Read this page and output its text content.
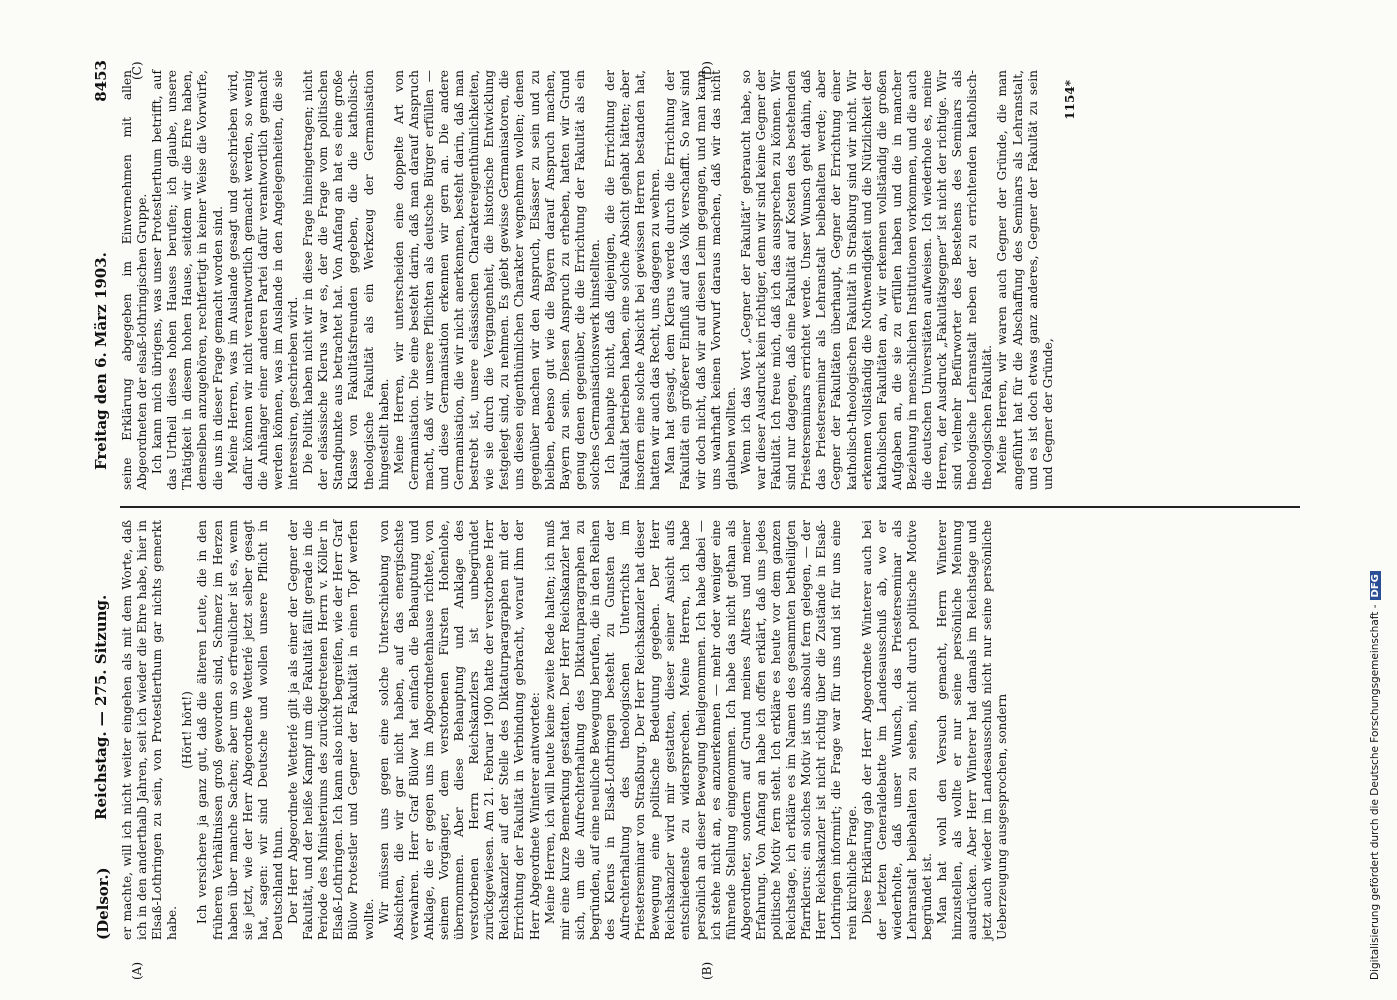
(Delsor.)
Reichstag. — 275. Sitzung.
Freitag den 6. März 1903.
8453

er machte, will ich nicht weiter eingehen als mit dem Worte, daß ich in den anderthalb Jahren, seit ich wieder die Ehre habe, hier in Elsaß-Lothringen zu sein, von Protestlerthum gar nichts gemerkt habe.

(Hört! hört!) Ich versichere ja ganz gut, daß die älteren Leute, die in den früheren Verhältnissen groß geworden sind, Schmerz im Herzen haben über manche Sachen; aber um so erfreulicher ist es, wenn sie jetzt, wie der Herr Abgeordnete Wetterlé jetzt selber gesagt hat, sagen: wir sind Deutsche und wollen unsere Pflicht in Deutschland thun. Der Herr Abgeordnete Wetterlé gilt ja als einer der Gegner der Fakultät, und der heiße Kampf um die Fakultät fällt gerade in die Periode des Ministeriums des zurückgetretenen Herrn v. Köller in Elsaß-Lothringen. Ich kann also nicht begreifen, wie der Herr Graf Bülow Protestler und Gegner der Fakultät in einen Topf werfen wollte. Wir müssen uns gegen eine solche Unterschiebung von Absichten, die wir gar nicht haben, auf das energischste verwahren. Herr Graf Bülow hat einfach die Behauptung und Anklage, die er gegen uns im Abgeordnetenhause richtete, von seinem Vorgänger, dem verstorbenen Fürsten Hohenlohe, übernommen. Aber diese Behauptung und Anklage des verstorbenen Herrn Reichskanzlers ist unbegründet zurückgewiesen. Am 21. Februar 1900 hatte der verstorbene Herr Reichskanzler auf der Stelle des Diktaturparagraphen mit der Errichtung der Fakultät in Verbindung gebracht, worauf ihm der Herr Abgeordnete Winterer antwortete: Meine Herren, ich will heute keine zweite Rede halten; ich muß mir eine kurze Bemerkung gestatten. Der Herr Reichskanzler hat sich, um die Aufrechterhaltung des Diktaturparagraphen zu begründen, auf eine neuliche Bewegung berufen, die in den Reihen des Klerus in Elsaß-Lothringen besteht zu Gunsten der Aufrechterhaltung des theologischen Unterrichts im Priesterseminar von Straßburg. Der Herr Reichskanzler hat dieser Bewegung eine politische Bedeutung gegeben. Der Herr Reichskanzler wird mir gestatten, dieser seiner Ansicht aufs entschiedenste zu widersprechen. Meine Herren, ich habe persönlich an dieser Bewegung theilgenommen. Ich habe dabei — ich stehe nicht an, es anzuerkennen — mehr oder weniger eine führende Stellung eingenommen. Ich habe das nicht gethan als Abgeordneter, sondern auf Grund meines Alters und meiner Erfahrung. Von Anfang an habe ich offen erklärt, daß uns jedes politische Motiv fern steht. Ich erkläre es heute vor dem ganzen Reichstage, ich erkläre es im Namen des gesammten betheiligten Pfarrklerus: ein solches Motiv ist uns absolut fern gelegen, — der Herr Reichskanzler ist nicht richtig über die Zustände in Elsaß-Lothringen informirt; die Frage war für uns und ist für uns eine rein kirchliche Frage. Diese Erklärung gab der Herr Abgeordnete Winterer auch bei der letzten Generaldebatte im Landesausschuß ab, wo er wiederholte, daß unser Wunsch, das Priesterseminar als Lehranstalt beibehalten zu sehen, nicht durch politische Motive begründet ist. Man hat wohl den Versuch gemacht, Herrn Winterer hinzustellen, als wollte er nur seine persönliche Meinung ausdrücken. Aber Herr Winterer hat damals im Reichstage und jetzt auch wieder im Landesausschuß nicht nur seine persönliche Ueberzeugung ausgesprochen, sondern

seine Erklärung abgegeben im Einvernehmen mit allen Abgeordneten der elsaß-lothringischen Gruppe. Ich kann mich übrigens, was unser Protestlerthum betrifft, auf das Urtheil dieses hohen Hauses berufen; ich glaube, unsere Thätigkeit in diesem hohen Hause, seitdem wir die Ehre haben, demselben anzugehören, rechtfertigt in keiner Weise die Vorwürfe, die uns in dieser Frage gemacht worden sind. Meine Herren, was im Auslande gesagt und geschrieben wird, dafür können wir nicht verantwortlich gemacht werden, so wenig die Anhänger einer anderen Partei dafür verantwortlich gemacht werden können, was im Auslande in den Angelegenheiten, die sie interessiren, geschrieben wird. Die Politik haben nicht wir in diese Frage hineingetragen; nicht der elsässische Klerus war es, der die Frage vom politischen Standpunkte aus betrachtet hat. Von Anfang an hat es eine große Klasse von Fakultätsfreunden gegeben, die die katholisch-theologische Fakultät als ein Werkzeug der Germanisation hingestellt haben. Meine Herren, wir unterscheiden eine doppelte Art von Germanisation. Die eine besteht darin, daß man darauf Anspruch macht, daß wir unsere Pflichten als deutsche Bürger erfüllen — und diese Germanisation erkennen wir gern an. Die andere Germanisation, die wir nicht anerkennen, besteht darin, daß man bestrebt ist, unsere elsässischen Charaktereigenthümlichkeiten, wie sie durch die Vergangenheit, die historische Entwicklung festgelegt sind, zu nehmen. Es giebt gewisse Germanisatoren, die uns diesen eigenthümlichen Charakter wegnehmen wollen; denen gegenüber machen wir den Anspruch, Elsässer zu sein und zu bleiben, ebenso gut wie die Bayern darauf Anspruch machen, Bayern zu sein. Diesen Anspruch zu erheben, hatten wir Grund genug denen gegenüber, die die Errichtung der Fakultät als ein solches Germanisationswerk hinstellten. Ich behaupte nicht, daß diejenigen, die die Errichtung der Fakultät betrieben haben, eine solche Absicht gehabt hätten; aber insofern eine solche Absicht bei gewissen Herren bestanden hat, hatten wir auch das Recht, uns dagegen zu wehren. Man hat gesagt, dem Klerus werde durch die Errichtung der Fakultät ein größerer Einfluß auf das Volk verschafft. So naiv sind wir doch nicht, daß wir auf diesen Leim gegangen, und man kann uns wahrhaft keinen Vorwurf daraus machen, daß wir das nicht glauben wollten. Wenn ich das Wort „Gegner der Fakultät“ gebraucht habe, so war dieser Ausdruck kein richtiger, denn wir sind keine Gegner der Fakultät. Ich freue mich, daß ich das aussprechen zu können. Wir sind nur dagegen, daß eine Fakultät auf Kosten des bestehenden Priesterseminars errichtet werde. Unser Wunsch geht dahin, daß das Priesterseminar als Lehranstalt beibehalten werde; aber Gegner der Fakultäten überhaupt, Gegner der Errichtung einer katholisch-theologischen Fakultät in Straßburg sind wir nicht. Wir erkennen vollständig die Nothwendigkeit und die Nützlichkeit der katholischen Fakultäten an, wir erkennen vollständig die großen Aufgaben an, die sie zu erfüllen haben und die in mancher Beziehung in menschlichen Institutionen vorkommen, und die auch die deutschen Universitäten aufweisen. Ich wiederhole es, meine Herren, der Ausdruck „Fakultätsgegner“ ist nicht der richtige. Wir sind vielmehr Befürworter des Bestehens des Seminars als theologische Lehranstalt neben der zu errichtenden katholisch-theologischen Fakultät. Meine Herren, wir waren auch Gegner der Gründe, die man angeführt hat für die Abschaffung des Seminars als Lehranstalt, und es ist doch etwas ganz anderes, Gegner der Fakultät zu sein und Gegner der Gründe,

1154*
(A)	(B)
(C)	(D)
Digitalisierung gefördert durch die Deutsche Forschungsgemeinschaft -DFG
